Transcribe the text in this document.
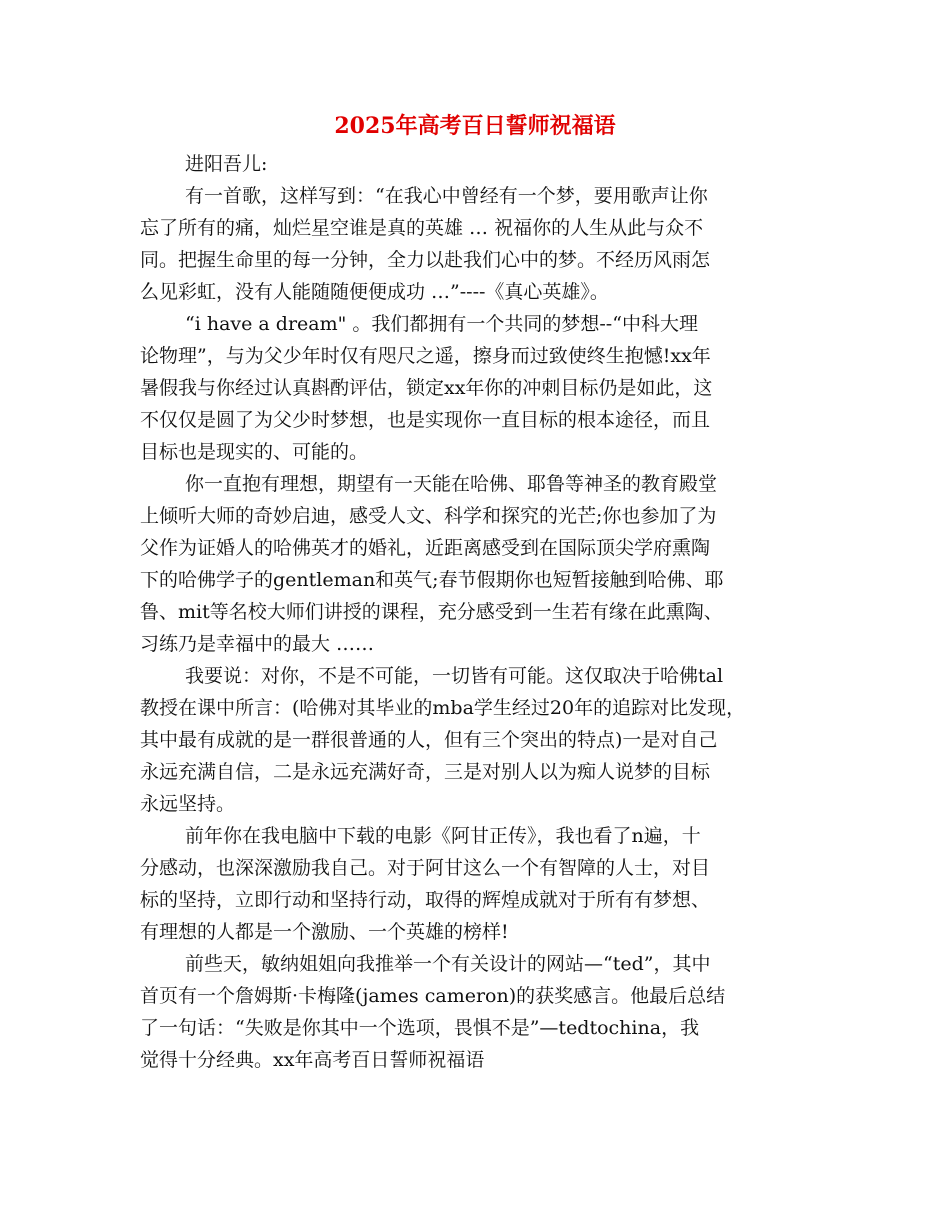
2025年高考百日誓师祝福语
进阳吾儿:
有一首歌，这样写到：“在我心中曾经有一个梦，要用歌声让你
忘了所有的痛，灿烂星空谁是真的英雄 … 祝福你的人生从此与众不
同。把握生命里的每一分钟，全力以赴我们心中的梦。不经历风雨怎
么见彩虹，没有人能随随便便成功 …”----《真心英雄》。
“i have a dream" 。我们都拥有一个共同的梦想--“中科大理
论物理”，与为父少年时仅有咫尺之遥，擦身而过致使终生抱憾!xx年
暑假我与你经过认真斟酌评估，锁定xx年你的冲刺目标仍是如此，这
不仅仅是圆了为父少时梦想，也是实现你一直目标的根本途径，而且
目标也是现实的、可能的。
你一直抱有理想，期望有一天能在哈佛、耶鲁等神圣的教育殿堂
上倾听大师的奇妙启迪，感受人文、科学和探究的光芒;你也参加了为
父作为证婚人的哈佛英才的婚礼，近距离感受到在国际顶尖学府熏陶
下的哈佛学子的gentleman和英气;春节假期你也短暂接触到哈佛、耶
鲁、mit等名校大师们讲授的课程，充分感受到一生若有缘在此熏陶、
习练乃是幸福中的最大 ……
我要说：对你，不是不可能，一切皆有可能。这仅取决于哈佛tal
教授在课中所言：(哈佛对其毕业的mba学生经过20年的追踪对比发现，
其中最有成就的是一群很普通的人，但有三个突出的特点)一是对自己
永远充满自信，二是永远充满好奇，三是对别人以为痴人说梦的目标
永远坚持。
前年你在我电脑中下载的电影《阿甘正传》，我也看了n遍，十
分感动，也深深激励我自己。对于阿甘这么一个有智障的人士，对目
标的坚持，立即行动和坚持行动，取得的辉煌成就对于所有有梦想、
有理想的人都是一个激励、一个英雄的榜样!
前些天，敏纳姐姐向我推举一个有关设计的网站—“ted”，其中
首页有一个詹姆斯·卡梅隆(james cameron)的获奖感言。他最后总结
了一句话：“失败是你其中一个选项，畏惧不是”—tedtochina，我
觉得十分经典。xx年高考百日誓师祝福语
